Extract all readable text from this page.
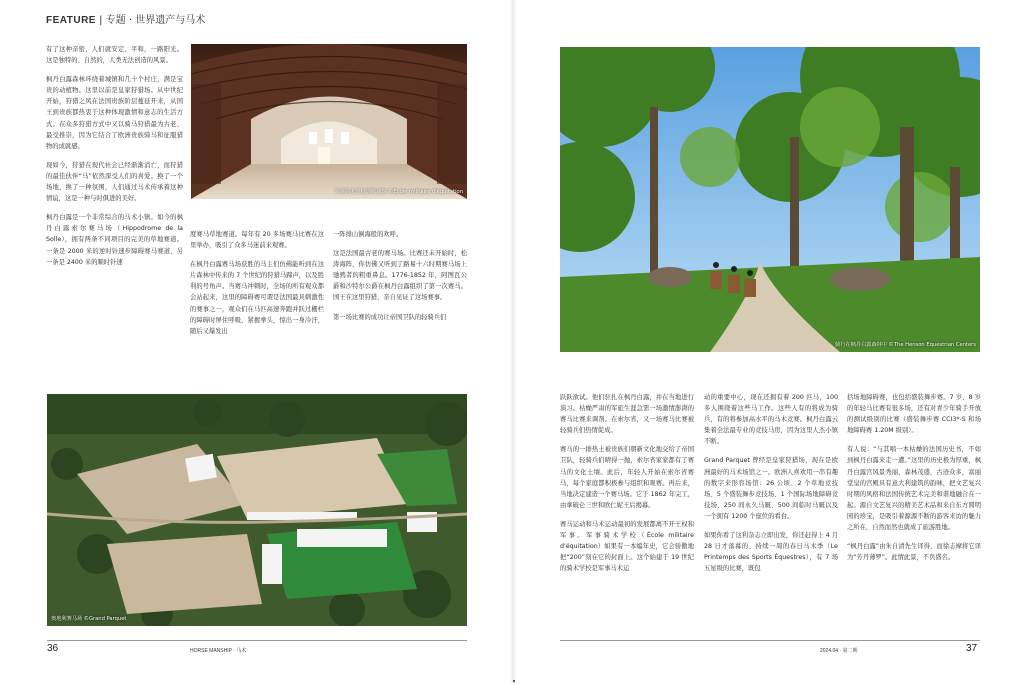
FEATURE | 专题 · 世界遗产与马术

有了这种亲密，人们就安定、平和，一路阳光。这是独特的、自然的，人类无法创造的风景。

枫丹白露森林环绕着城镇和几十个村庄，满是宝贵的动植物。这里以前是皇家狩猎场。从中世纪开始，狩猎之风在法国贵族阶层蔓延开来，从国王到贵族都热衷于这种体现激情和意志的生活方式。在众多狩猎方式中又以骑马狩猎最为古老、最受推崇，因为它结合了欧洲贵族骑马和征服猎物的成就感。

现如今，狩猎在现代社会已经渐渐消亡，而狩猎的最佳伙伴“马”依然深受人们的喜爱。换了一个场地，换了一种氛围，人们通过马术传承着这种情谊，这是一种与时俱进的美好。

枫丹白露是一个非常综合的马术小镇。如今的枫丹白露索尔赛马场（Hippodrome de la Solle），拥有两条不同项目的完美的草地赛道。一条是 2000 米的逆时针速步障碍赛马赛道，另一条是 2400 米的顺时针速

度赛马草地赛道。每年有 20 多场赛马比赛在这里举办，吸引了众多马迷前来观赛。

在枫丹白露赛马场获胜的马主们仿佛能听到在这片森林中传来的 7 个世纪的狩猎马蹄声，以及胜利的号角声。当赛马冲刺时，全场的所有观众都会站起来，这里的障碍赛可谓是法国最具刺激性的赛事之一，观众们在马匹高速奔跑并跃过栅栏的障碍时屏住呼吸，紧握拳头，惊出一身冷汗，随后又爆发出

一阵排山倒海般的欢呼。

这是法国最古老的赛马场。比赛还未开始时，松涛海阵，你仿佛又听到了路易十六时期赛马场上驰骋者的粗重鼻息。1776-1852 年，阿图瓦公爵和沙特尔公爵在枫丹白露组织了第一次赛马。国王在这里狩猎，亲自见证了这场赛事。

第一场比赛的成功让帝国卫队的轻骑兵们

军事骑术学校训练场馆 ©École militaire d'équitation
奥地利赛马场 ©Grand Parquet
骑行在枫丹白露森林中 ©The Henson Equestrian Centers

跃跃欲试。他们驻扎在枫丹白露，并在当地进行演习。枯燥严肃的军旅生涯急需一场激情澎湃的赛马比赛来调剂。在索尔省，又一场赛马比赛被轻骑兵们热情促成。

赛马的一排热土被贵族们朝新文化地交给了帝国卫队，轻骑兵们晴得一抛，索尔省家家都有了赛马的文化土壤。此后，年轻人开始在索尔省赛马，每个家庭都积极参与组织和观赛。再后来，当地决定建造一个赛马场。它于 1862 年完工，由拿破仑三世和欧仁妮王后揭幕。

赛马运动和马术运动最初的发展都离不开王权和军事。军事骑术学校（École militaire d'équitation）如果有一本编年史，它会骄傲地把“200”刻在它的封面上。这个始建于 19 世纪的骑术学校是军事马术运

动的重要中心，现在还拥有着 200 匹马，100 多人围绕着这些马工作。这些人有的将成为骑兵，有的将参加高水平的马术竞赛。枫丹白露云集着全法最专业的竞技马房，因为这里人杰小镇不断。

Grand Parquet 曾经是皇家狩猎场，现在是欧洲最好的马术场馆之一。欧洲人喜欢用一串有趣的数字来形容场馆：26 公顷、2 个草地竞技场、5 个盛装舞步竞技场、1 个国际场地障碍竞技场、250 间永久马厩、500 间临时马厩以及一个拥有 1200 个座位的看台。

如果你看了这利杂志立即出发，你还赶得上 4 月 28 日才落幕的、持续一周的春日马术季（Le Printemps des Sports Équestres），有 7 场五星级的比赛，既包

括场地障碍赛，也包括盛装舞步赛。7 岁、8 岁的年轻马比赛有很多场，还有对青少年骑手开放的测试级别的比赛（盛装舞步赛 CCI3*-S 和场地障碍赛 1.20M 级别）。

有人说：“与其唱一本枯燥的法国历史书，不如到枫丹白露来走一遭。”这里的历史极为厚重，枫丹白露宫风景秀丽，森林茂盛，古迹众多，富丽堂皇的宫殿具有意大利建筑的韵味，把文艺复兴时期的风格和法国传统艺术完美和谐地融合在一起。源自文艺复兴的精美艺术品和来自东方圆明园的珍宝，是吸引着源源不断的游客来访的魅力之所在，自然而然也就成了旅游胜地。

“枫丹白露”由朱自清先生译得，而徐志摩将它译为“芳丹薄罗”。此情此景，不负盛名。

36	HORSE MANSHIP · 马术	2024.04 · 第二期	37
